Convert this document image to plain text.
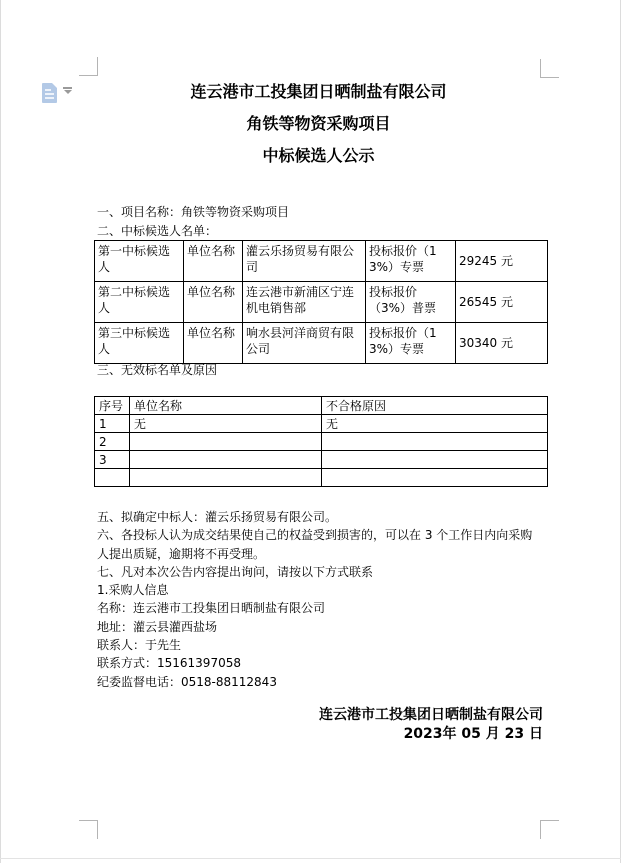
连云港市工投集团日晒制盐有限公司
角铁等物资采购项目
中标候选人公示
一、项目名称：角铁等物资采购项目
二、中标候选人名单：
第一中标候选人	单位名称	灌云乐扬贸易有限公司	投标报价（13%）专票	29245 元
第二中标候选人	单位名称	连云港市新浦区宁连机电销售部	投标报价（3%）普票	26545 元
第三中标候选人	单位名称	响水县河洋商贸有限公司	投标报价（13%）专票	30340 元
三、无效标名单及原因
序号	单位名称	不合格原因
1	无	无
2		
3		

五、拟确定中标人：灌云乐扬贸易有限公司。
六、各投标人认为成交结果使自己的权益受到损害的，可以在 3 个工作日内向采购人提出质疑，逾期将不再受理。
七、凡对本次公告内容提出询问，请按以下方式联系
1.采购人信息
名称：连云港市工投集团日晒制盐有限公司
地址：灌云县灌西盐场
联系人：于先生
联系方式：15161397058
纪委监督电话：0518-88112843
连云港市工投集团日晒制盐有限公司
2023年 05 月 23 日
